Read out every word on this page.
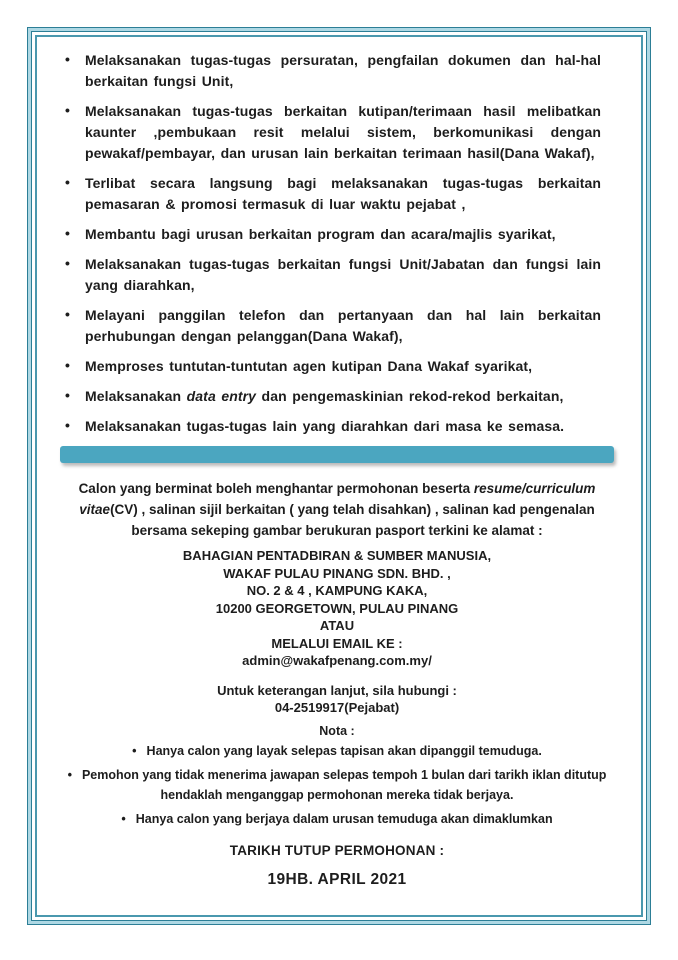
• Melaksanakan tugas-tugas persuratan, pengfailan dokumen dan hal-hal berkaitan fungsi Unit,
• Melaksanakan tugas-tugas berkaitan kutipan/terimaan hasil melibatkan kaunter ,pembukaan resit melalui sistem, berkomunikasi dengan pewakaf/pembayar, dan urusan lain berkaitan terimaan hasil(Dana Wakaf),
• Terlibat secara langsung bagi melaksanakan tugas-tugas berkaitan pemasaran & promosi termasuk di luar waktu pejabat ,
• Membantu bagi urusan berkaitan program dan acara/majlis syarikat,
• Melaksanakan tugas-tugas berkaitan fungsi Unit/Jabatan dan fungsi lain yang diarahkan,
• Melayani panggilan telefon dan pertanyaan dan hal lain berkaitan perhubungan dengan pelanggan(Dana Wakaf),
• Memproses tuntutan-tuntutan agen kutipan Dana Wakaf syarikat,
• Melaksanakan data entry dan pengemaskinian rekod-rekod berkaitan,
• Melaksanakan tugas-tugas lain yang diarahkan dari masa ke semasa.

Calon yang berminat boleh menghantar permohonan beserta resume/curriculum vitae(CV) , salinan sijil berkaitan ( yang telah disahkan) , salinan kad pengenalan bersama sekeping gambar berukuran pasport terkini ke alamat :

BAHAGIAN PENTADBIRAN & SUMBER MANUSIA,
WAKAF PULAU PINANG SDN. BHD. ,
NO. 2 & 4 , KAMPUNG KAKA,
10200 GEORGETOWN, PULAU PINANG
ATAU
MELALUI EMAIL KE :
admin@wakafpenang.com.my/
Untuk keterangan lanjut, sila hubungi :
04-2519917(Pejabat)
Nota :
• Hanya calon yang layak selepas tapisan akan dipanggil temuduga.
• Pemohon yang tidak menerima jawapan selepas tempoh 1 bulan dari tarikh iklan ditutup hendaklah menganggap permohonan mereka tidak berjaya.
• Hanya calon yang berjaya dalam urusan temuduga akan dimaklumkan
TARIKH TUTUP PERMOHONAN :
19HB. APRIL 2021
